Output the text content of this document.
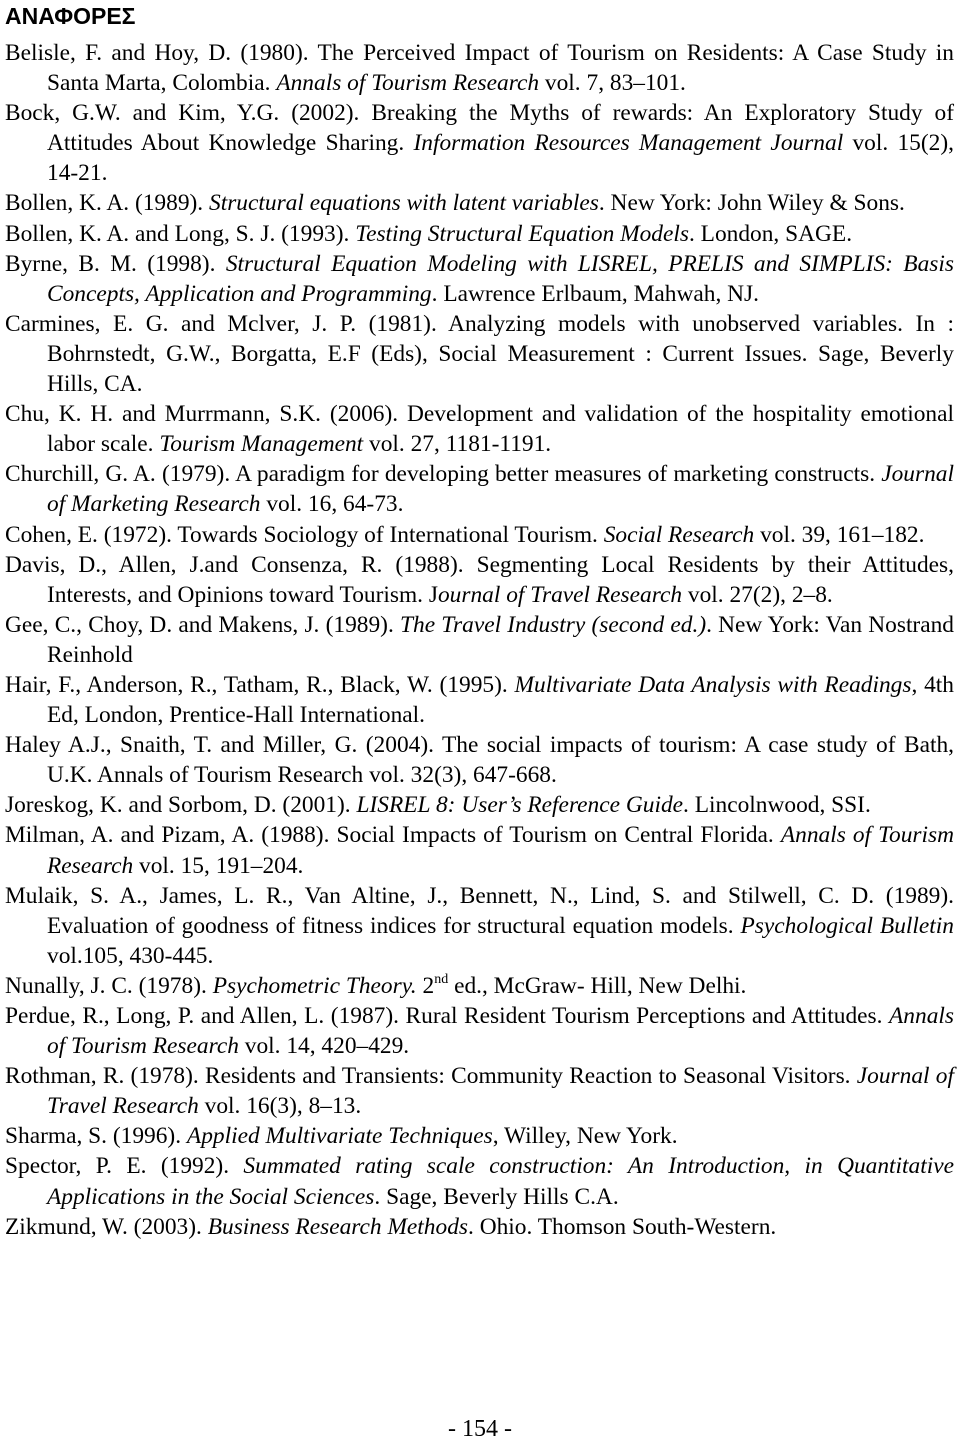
ΑΝΑΦΟΡΕΣ
Belisle, F. and Hoy, D. (1980). The Perceived Impact of Tourism on Residents: A Case Study in Santa Marta, Colombia. Annals of Tourism Research vol. 7, 83–101.
Bock, G.W. and Kim, Y.G. (2002). Breaking the Myths of rewards: An Exploratory Study of Attitudes About Knowledge Sharing. Information Resources Management Journal vol. 15(2), 14-21.
Bollen, K. A. (1989). Structural equations with latent variables. New York: John Wiley & Sons.
Bollen, K. A. and Long, S. J. (1993). Testing Structural Equation Models. London, SAGE.
Byrne, B. M. (1998). Structural Equation Modeling with LISREL, PRELIS and SIMPLIS: Basis Concepts, Application and Programming. Lawrence Erlbaum, Mahwah, NJ.
Carmines, E. G. and Mclver, J. P. (1981). Analyzing models with unobserved variables. In : Bohrnstedt, G.W., Borgatta, E.F (Eds), Social Measurement : Current Issues. Sage, Beverly Hills, CA.
Chu, K. H. and Murrmann, S.K. (2006). Development and validation of the hospitality emotional labor scale. Tourism Management vol. 27, 1181-1191.
Churchill, G. A. (1979). A paradigm for developing better measures of marketing constructs. Journal of Marketing Research vol. 16, 64-73.
Cohen, E. (1972). Towards Sociology of International Tourism. Social Research vol. 39, 161–182.
Davis, D., Allen, J.and Consenza, R. (1988). Segmenting Local Residents by their Attitudes, Interests, and Opinions toward Tourism. Journal of Travel Research vol. 27(2), 2–8.
Gee, C., Choy, D. and Makens, J. (1989). The Travel Industry (second ed.). New York: Van Nostrand Reinhold
Hair, F., Anderson, R., Tatham, R., Black, W. (1995). Multivariate Data Analysis with Readings, 4th Ed, London, Prentice-Hall International.
Haley A.J., Snaith, T. and Miller, G. (2004). The social impacts of tourism: A case study of Bath, U.K. Annals of Tourism Research vol. 32(3), 647-668.
Joreskog, K. and Sorbom, D. (2001). LISREL 8: User’s Reference Guide. Lincolnwood, SSI.
Milman, A. and Pizam, A. (1988). Social Impacts of Tourism on Central Florida. Annals of Tourism Research vol. 15, 191–204.
Mulaik, S. A., James, L. R., Van Altine, J., Bennett, N., Lind, S. and Stilwell, C. D. (1989). Evaluation of goodness of fitness indices for structural equation models. Psychological Bulletin vol.105, 430-445.
Nunally, J. C. (1978). Psychometric Theory. 2nd ed., McGraw- Hill, New Delhi.
Perdue, R., Long, P. and Allen, L. (1987). Rural Resident Tourism Perceptions and Attitudes. Annals of Tourism Research vol. 14, 420–429.
Rothman, R. (1978). Residents and Transients: Community Reaction to Seasonal Visitors. Journal of Travel Research vol. 16(3), 8–13.
Sharma, S. (1996). Applied Multivariate Techniques, Willey, New York.
Spector, P. E. (1992). Summated rating scale construction: An Introduction, in Quantitative Applications in the Social Sciences. Sage, Beverly Hills C.A.
Zikmund, W. (2003). Business Research Methods. Ohio. Thomson South-Western.
- 154 -
